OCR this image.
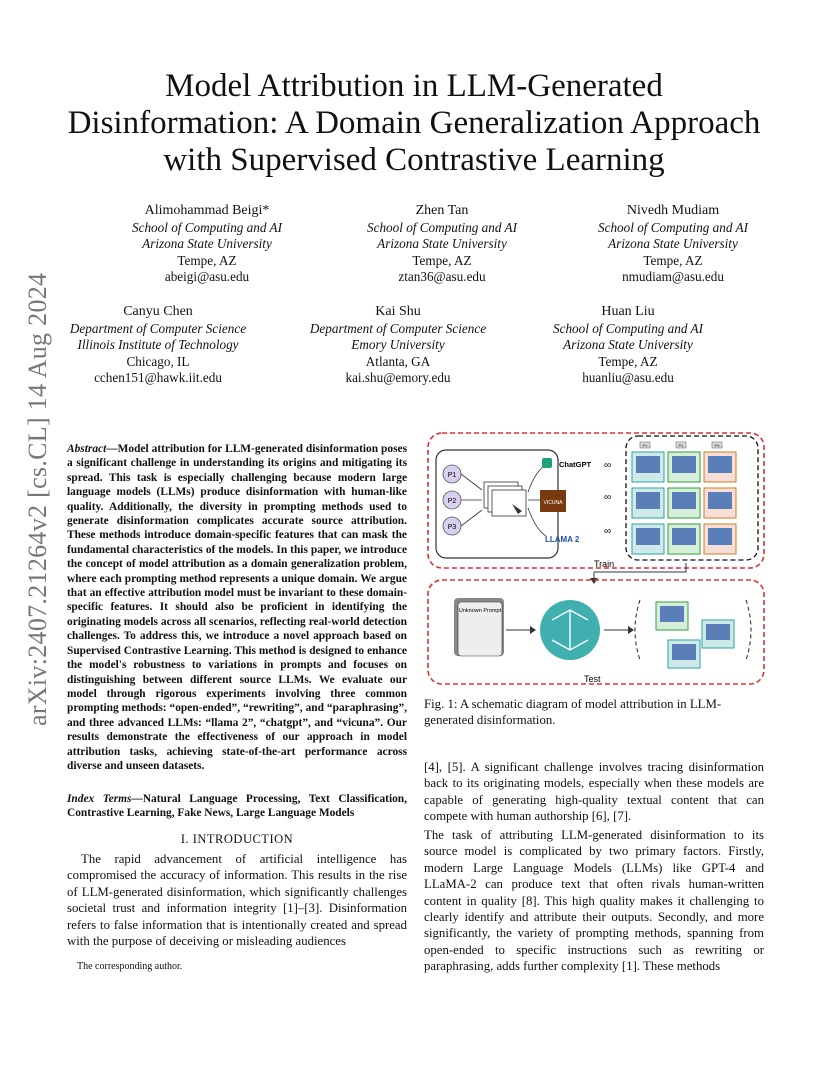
arXiv:2407.21264v2 [cs.CL] 14 Aug 2024
Model Attribution in LLM-Generated
Disinformation: A Domain Generalization Approach
with Supervised Contrastive Learning
Alimohammad Beigi*
School of Computing and AI
Arizona State University
Tempe, AZ
abeigi@asu.edu
Zhen Tan
School of Computing and AI
Arizona State University
Tempe, AZ
ztan36@asu.edu
Nivedh Mudiam
School of Computing and AI
Arizona State University
Tempe, AZ
nmudiam@asu.edu
Canyu Chen
Department of Computer Science
Illinois Institute of Technology
Chicago, IL
cchen151@hawk.iit.edu
Kai Shu
Department of Computer Science
Emory University
Atlanta, GA
kai.shu@emory.edu
Huan Liu
School of Computing and AI
Arizona State University
Tempe, AZ
huanliu@asu.edu
Abstract—Model attribution for LLM-generated disinformation poses a significant challenge in understanding its origins and mitigating its spread. This task is especially challenging because modern large language models (LLMs) produce disinformation with human-like quality. Additionally, the diversity in prompting methods used to generate disinformation complicates accurate source attribution. These methods introduce domain-specific features that can mask the fundamental characteristics of the models. In this paper, we introduce the concept of model attribution as a domain generalization problem, where each prompting method represents a unique domain. We argue that an effective attribution model must be invariant to these domain-specific features. It should also be proficient in identifying the originating models across all scenarios, reflecting real-world detection challenges. To address this, we introduce a novel approach based on Supervised Contrastive Learning. This method is designed to enhance the model's robustness to variations in prompts and focuses on distinguishing between different source LLMs. We evaluate our model through rigorous experiments involving three common prompting methods: “open-ended”, “rewriting”, and “paraphrasing”, and three advanced LLMs: “llama 2”, “chatgpt”, and “vicuna”. Our results demonstrate the effectiveness of our approach in model attribution tasks, achieving state-of-the-art performance across diverse and unseen datasets.
Index Terms—Natural Language Processing, Text Classification, Contrastive Learning, Fake News, Large Language Models
I. INTRODUCTION

The rapid advancement of artificial intelligence has compromised the accuracy of information. This results in the rise of LLM-generated disinformation, which significantly challenges societal trust and information integrity [1]–[3]. Disinformation refers to false information that is intentionally created and spread with the purpose of deceiving or misleading audiences

The corresponding author.
P1
P2
P3
ChatGPT
VICUNA
LLAMA 2
∞
∞
∞
P1	P2	P3
Train
Unknown Prompt
Test
Fig. 1: A schematic diagram of model attribution in LLM-generated disinformation.

[4], [5]. A significant challenge involves tracing disinformation back to its originating models, especially when these models are capable of generating high-quality textual content that can compete with human authorship [6], [7].

The task of attributing LLM-generated disinformation to its source model is complicated by two primary factors. Firstly, modern Large Language Models (LLMs) like GPT-4 and LLaMA-2 can produce text that often rivals human-written content in quality [8]. This high quality makes it challenging to clearly identify and attribute their outputs. Secondly, and more significantly, the variety of prompting methods, spanning from open-ended to specific instructions such as rewriting or paraphrasing, adds further complexity [1]. These methods
